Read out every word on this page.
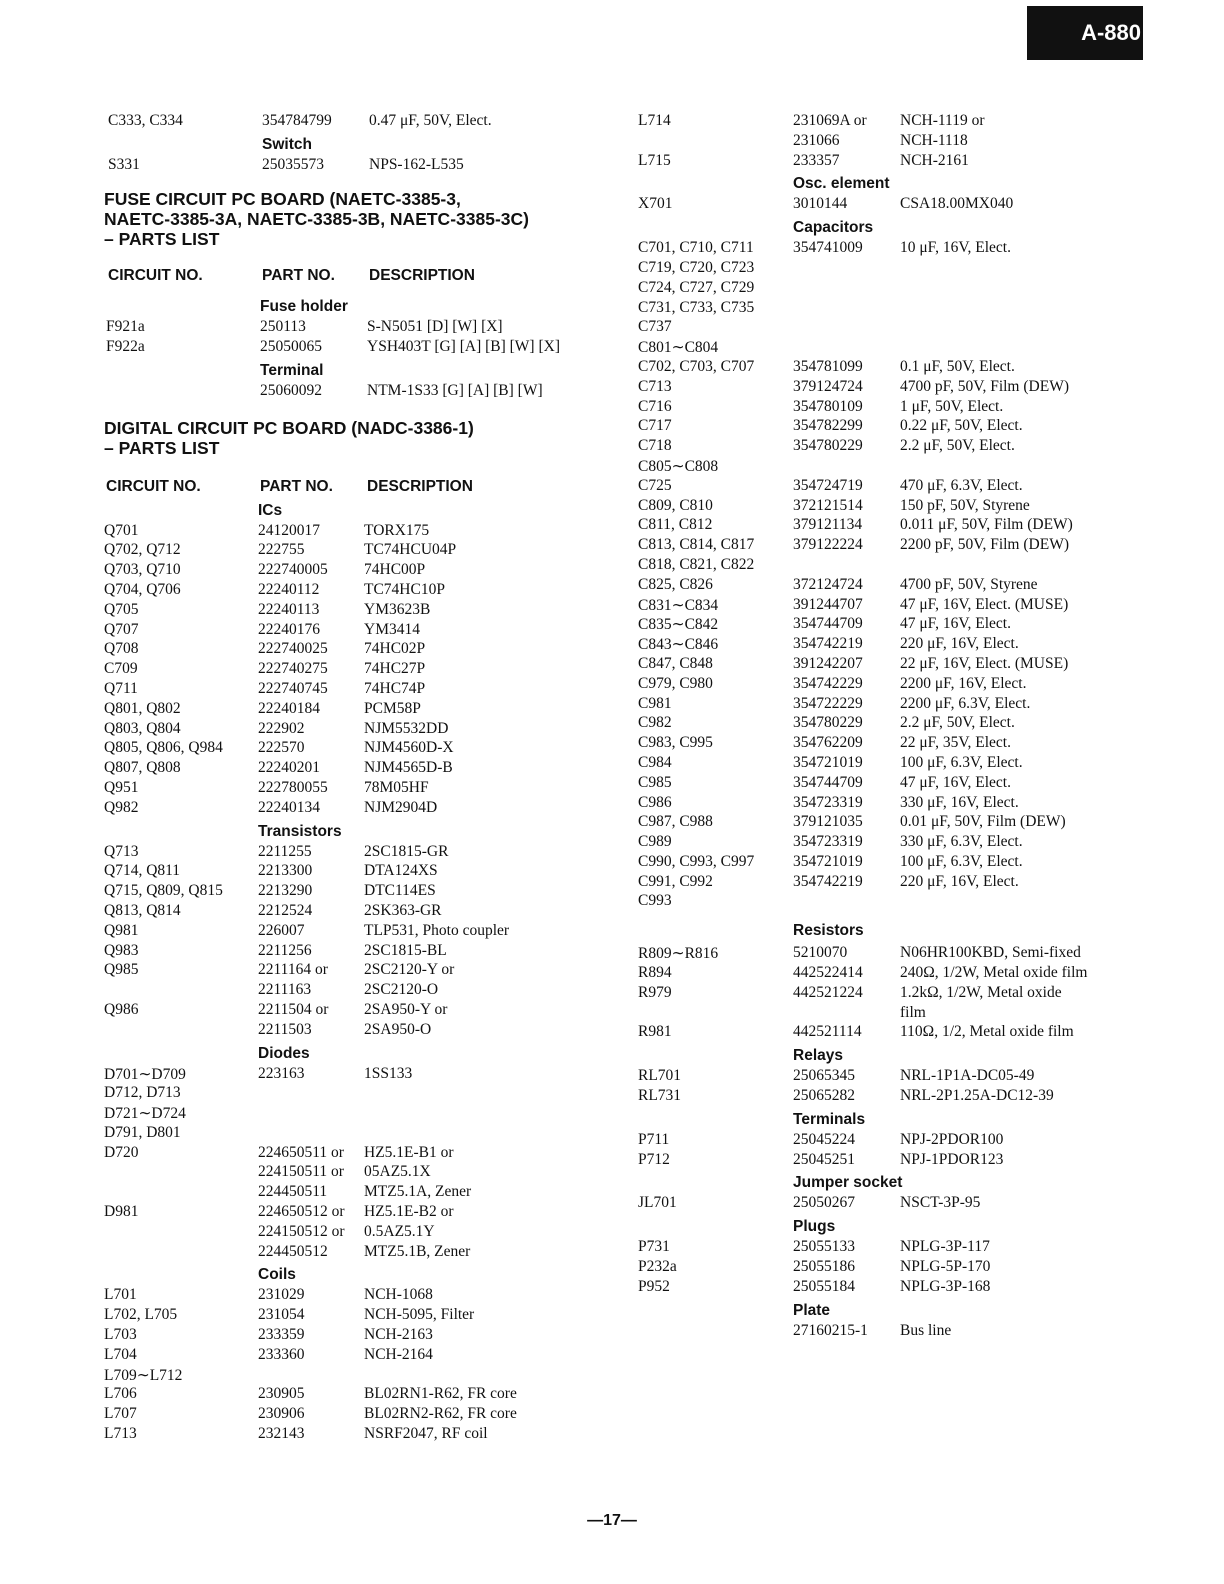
A-880
C333, C334	354784799 0.47 μF, 50V, Elect.
Switch
S331	25035573	NPS-162-L535
FUSE CIRCUIT PC BOARD (NAETC-3385-3,
NAETC-3385-3A, NAETC-3385-3B, NAETC-3385-3C)
– PARTS LIST
CIRCUIT NO.	PART NO. DESCRIPTION
Fuse holder
F921a	250113	S-N5051 [D] [W] [X]
F922a	25050065	YSH403T [G] [A] [B] [W] [X]
Terminal
25060092	NTM-1S33 [G] [A] [B] [W]
DIGITAL CIRCUIT PC BOARD (NADC-3386-1)
– PARTS LIST
CIRCUIT NO.	PART NO. DESCRIPTION
ICs
Q701	24120017	TORX175
Q702, Q712	222755	TC74HCU04P
Q703, Q710	222740005 74HC00P
Q704, Q706	22240112	TC74HC10P
Q705	22240113	YM3623B
Q707	22240176	YM3414
Q708	222740025 74HC02P
C709	222740275 74HC27P
Q711	222740745 74HC74P
Q801, Q802	22240184	PCM58P
Q803, Q804	222902	NJM5532DD
Q805, Q806, Q984 222570	NJM4560D-X
Q807, Q808	22240201	NJM4565D-B
Q951	222780055 78M05HF
Q982	22240134	NJM2904D
Transistors
Q713	2211255	2SC1815-GR
Q714, Q811	2213300	DTA124XS
Q715, Q809, Q815 2213290	DTC114ES
Q813, Q814	2212524	2SK363-GR
Q981	226007	TLP531, Photo coupler
Q983	2211256	2SC1815-BL
Q985	2211164 or 2SC2120-Y or
2211163	2SC2120-O
Q986	2211504 or 2SA950-Y or
2211503	2SA950-O
Diodes
D701∼D709	223163	1SS133
D712, D713
D721∼D724
D791, D801
D720	224650511 or HZ5.1E-B1 or
224150511 or 05AZ5.1X
224450511 MTZ5.1A, Zener
D981	224650512 or HZ5.1E-B2 or
224150512 or 0.5AZ5.1Y
224450512 MTZ5.1B, Zener
Coils
L701	231029	NCH-1068
L702, L705	231054	NCH-5095, Filter
L703	233359	NCH-2163
L704	233360	NCH-2164
L709∼L712
L706	230905	BL02RN1-R62, FR core
L707	230906	BL02RN2-R62, FR core
L713	232143	NSRF2047, RF coil
L714	231069A or NCH-1119 or
231066	NCH-1118
L715	233357	NCH-2161
Osc. element
X701	3010144	CSA18.00MX040
Capacitors
C701, C710, C711	354741009 10 μF, 16V, Elect.
C719, C720, C723
C724, C727, C729
C731, C733, C735
C737
C801∼C804
C702, C703, C707 354781099 0.1 μF, 50V, Elect.
C713	379124724 4700 pF, 50V, Film (DEW)
C716	354780109 1 μF, 50V, Elect.
C717	354782299 0.22 μF, 50V, Elect.
C718	354780229 2.2 μF, 50V, Elect.
C805∼C808
C725	354724719 470 μF, 6.3V, Elect.
C809, C810	372121514 150 pF, 50V, Styrene
C811, C812	379121134 0.011 μF, 50V, Film (DEW)
C813, C814, C817 379122224 2200 pF, 50V, Film (DEW)
C818, C821, C822
C825, C826	372124724 4700 pF, 50V, Styrene
C831∼C834	391244707 47 μF, 16V, Elect. (MUSE)
C835∼C842	354744709 47 μF, 16V, Elect.
C843∼C846	354742219 220 μF, 16V, Elect.
C847, C848	391242207 22 μF, 16V, Elect. (MUSE)
C979, C980	354742229 2200 μF, 16V, Elect.
C981	354722229 2200 μF, 6.3V, Elect.
C982	354780229 2.2 μF, 50V, Elect.
C983, C995	354762209 22 μF, 35V, Elect.
C984	354721019 100 μF, 6.3V, Elect.
C985	354744709 47 μF, 16V, Elect.
C986	354723319 330 μF, 16V, Elect.
C987, C988	379121035 0.01 μF, 50V, Film (DEW)
C989	354723319 330 μF, 6.3V, Elect.
C990, C993, C997 354721019 100 μF, 6.3V, Elect.
C991, C992	354742219 220 μF, 16V, Elect.
C993
Resistors
R809∼R816	5210070	N06HR100KBD, Semi-fixed
R894	442522414 240Ω, 1/2W, Metal oxide film
R979	442521224 1.2kΩ, 1/2W, Metal oxide
film
R981	442521114 110Ω, 1/2, Metal oxide film
Relays
RL701	25065345	NRL-1P1A-DC05-49
RL731	25065282	NRL-2P1.25A-DC12-39
Terminals
P711	25045224	NPJ-2PDOR100
P712	25045251	NPJ-1PDOR123
Jumper socket
JL701	25050267	NSCT-3P-95
Plugs
P731	25055133	NPLG-3P-117
P232a	25055186	NPLG-5P-170
P952	25055184	NPLG-3P-168
Plate
27160215-1 Bus line
—17—
